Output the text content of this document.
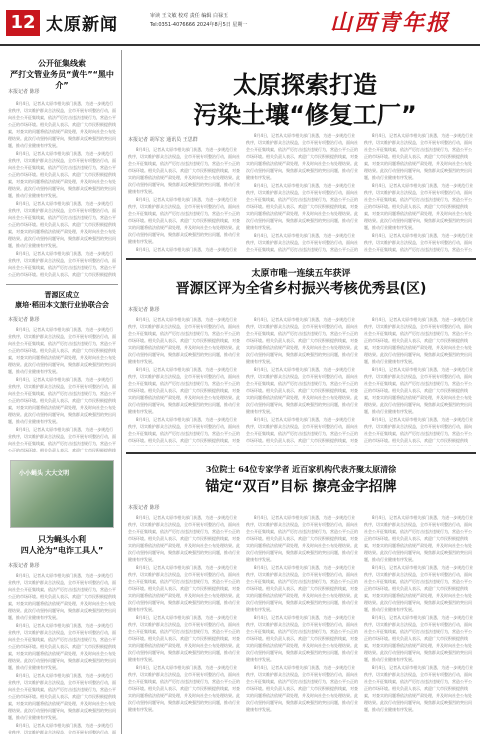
12 太原新闻	审读 王文敏 校对 责任 编辑 白禄玉
Tel:0351-4076666 2024年8月5日 星期一	山西青年报
公开征集线索
严打文管业务员“黄牛”“黑中介”
本报记者 陈彤

8月4日，记者从太原市相关部门获悉，为进一步规范行业秩序，切实维护群众合法权益，全市开展专项整治行动，面向社会公开征集线索，依法严厉打击违法违规行为，营造公平公正的市场环境。相关负责人表示，欢迎广大市民积极提供线索，对查实的问题将依法依规严肃处理，并及时向社会公布处理结果。此次行动坚持问题导向，聚焦群众反映强烈的突出问题，推动行业健康有序发展。

8月4日，记者从太原市相关部门获悉，为进一步规范行业秩序，切实维护群众合法权益，全市开展专项整治行动，面向社会公开征集线索，依法严厉打击违法违规行为，营造公平公正的市场环境。相关负责人表示，欢迎广大市民积极提供线索，对查实的问题将依法依规严肃处理，并及时向社会公布处理结果。此次行动坚持问题导向，聚焦群众反映强烈的突出问题，推动行业健康有序发展。

8月4日，记者从太原市相关部门获悉，为进一步规范行业秩序，切实维护群众合法权益，全市开展专项整治行动，面向社会公开征集线索，依法严厉打击违法违规行为，营造公平公正的市场环境。相关负责人表示，欢迎广大市民积极提供线索，对查实的问题将依法依规严肃处理，并及时向社会公布处理结果。此次行动坚持问题导向，聚焦群众反映强烈的突出问题，推动行业健康有序发展。

8月4日，记者从太原市相关部门获悉，为进一步规范行业秩序，切实维护群众合法权益，全市开展专项整治行动，面向社会公开征集线索，依法严厉打击违法违规行为，营造公平公正的市场环境。相关负责人表示，欢迎广大市民积极提供线

晋源区成立
康培·稻田本文旅行业协联合会
本报记者 陈彤

8月4日，记者从太原市相关部门获悉，为进一步规范行业秩序，切实维护群众合法权益，全市开展专项整治行动，面向社会公开征集线索，依法严厉打击违法违规行为，营造公平公正的市场环境。相关负责人表示，欢迎广大市民积极提供线索，对查实的问题将依法依规严肃处理，并及时向社会公布处理结果。此次行动坚持问题导向，聚焦群众反映强烈的突出问题，推动行业健康有序发展。

8月4日，记者从太原市相关部门获悉，为进一步规范行业秩序，切实维护群众合法权益，全市开展专项整治行动，面向社会公开征集线索，依法严厉打击违法违规行为，营造公平公正的市场环境。相关负责人表示，欢迎广大市民积极提供线索，对查实的问题将依法依规严肃处理，并及时向社会公布处理结果。此次行动坚持问题导向，聚焦群众反映强烈的突出问题，推动行业健康有序发展。

8月4日，记者从太原市相关部门获悉，为进一步规范行业秩序，切实维护群众合法权益，全市开展专项整治行动，面向社会公开征集线索，依法严厉打击违法违规行为，营造公平公正的市场环境。相关负责人表示，欢迎广大市民积极提供线

小小蝇头 大大文明
只为蝇头小利
四人沦为“电诈工具人”
本报记者 陈彤

8月4日，记者从太原市相关部门获悉，为进一步规范行业秩序，切实维护群众合法权益，全市开展专项整治行动，面向社会公开征集线索，依法严厉打击违法违规行为，营造公平公正的市场环境。相关负责人表示，欢迎广大市民积极提供线索，对查实的问题将依法依规严肃处理，并及时向社会公布处理结果。此次行动坚持问题导向，聚焦群众反映强烈的突出问题，推动行业健康有序发展。

8月4日，记者从太原市相关部门获悉，为进一步规范行业秩序，切实维护群众合法权益，全市开展专项整治行动，面向社会公开征集线索，依法严厉打击违法违规行为，营造公平公正的市场环境。相关负责人表示，欢迎广大市民积极提供线索，对查实的问题将依法依规严肃处理，并及时向社会公布处理结果。此次行动坚持问题导向，聚焦群众反映强烈的突出问题，推动行业健康有序发展。

8月4日，记者从太原市相关部门获悉，为进一步规范行业秩序，切实维护群众合法权益，全市开展专项整治行动，面向社会公开征集线索，依法严厉打击违法违规行为，营造公平公正的市场环境。相关负责人表示，欢迎广大市民积极提供线索，对查实的问题将依法依规严肃处理，并及时向社会公布处理结果。此次行动坚持问题导向，聚焦群众反映强烈的突出问题，推动行业健康有序发展。

8月4日，记者从太原市相关部门获悉，为进一步规范行业秩序，切实维护群众合法权益，全市开展专项整治行动，面

太原探索打造
污染土壤“修复工厂”
本报记者 胡军宏 通讯员 王思群

8月4日，记者从太原市相关部门获悉，为进一步规范行业秩序，切实维护群众合法权益，全市开展专项整治行动，面向社会公开征集线索，依法严厉打击违法违规行为，营造公平公正的市场环境。相关负责人表示，欢迎广大市民积极提供线索，对查实的问题将依法依规严肃处理，并及时向社会公布处理结果。此次行动坚持问题导向，聚焦群众反映强烈的突出问题，推动行业健康有序发展。

8月4日，记者从太原市相关部门获悉，为进一步规范行业秩序，切实维护群众合法权益，全市开展专项整治行动，面向社会公开征集线索，依法严厉打击违法违规行为，营造公平公正的市场环境。相关负责人表示，欢迎广大市民积极提供线索，对查实的问题将依法依规严肃处理，并及时向社会公布处理结果。此次行动坚持问题导向，聚焦群众反映强烈的突出问题，推动行业健康有序发展。

8月4日，记者从太原市相关部门获悉，为进一步规范行业

8月4日，记者从太原市相关部门获悉，为进一步规范行业秩序，切实维护群众合法权益，全市开展专项整治行动，面向社会公开征集线索，依法严厉打击违法违规行为，营造公平公正的市场环境。相关负责人表示，欢迎广大市民积极提供线索，对查实的问题将依法依规严肃处理，并及时向社会公布处理结果。此次行动坚持问题导向，聚焦群众反映强烈的突出问题，推动行业健康有序发展。

8月4日，记者从太原市相关部门获悉，为进一步规范行业秩序，切实维护群众合法权益，全市开展专项整治行动，面向社会公开征集线索，依法严厉打击违法违规行为，营造公平公正的市场环境。相关负责人表示，欢迎广大市民积极提供线索，对查实的问题将依法依规严肃处理，并及时向社会公布处理结果。此次行动坚持问题导向，聚焦群众反映强烈的突出问题，推动行业健康有序发展。

8月4日，记者从太原市相关部门获悉，为进一步规范行业秩序，切实维护群众合法权益，全市开展专项整治行动，面向社会公开征集线索，依法严厉打击违法违规行为，营造公平公正的

8月4日，记者从太原市相关部门获悉，为进一步规范行业秩序，切实维护群众合法权益，全市开展专项整治行动，面向社会公开征集线索，依法严厉打击违法违规行为，营造公平公正的市场环境。相关负责人表示，欢迎广大市民积极提供线索，对查实的问题将依法依规严肃处理，并及时向社会公布处理结果。此次行动坚持问题导向，聚焦群众反映强烈的突出问题，推动行业健康有序发展。

8月4日，记者从太原市相关部门获悉，为进一步规范行业秩序，切实维护群众合法权益，全市开展专项整治行动，面向社会公开征集线索，依法严厉打击违法违规行为，营造公平公正的市场环境。相关负责人表示，欢迎广大市民积极提供线索，对查实的问题将依法依规严肃处理，并及时向社会公布处理结果。此次行动坚持问题导向，聚焦群众反映强烈的突出问题，推动行业健康有序发展。

8月4日，记者从太原市相关部门获悉，为进一步规范行业秩序，切实维护群众合法权益，全市开展专项整治行动，面向社会公开征集线索，依法严厉打击违法违规行为，营造公平公

太原市唯一连续五年获评
晋源区评为全省乡村振兴考核优秀县(区)
本报记者 陈彤

8月4日，记者从太原市相关部门获悉，为进一步规范行业秩序，切实维护群众合法权益，全市开展专项整治行动，面向社会公开征集线索，依法严厉打击违法违规行为，营造公平公正的市场环境。相关负责人表示，欢迎广大市民积极提供线索，对查实的问题将依法依规严肃处理，并及时向社会公布处理结果。此次行动坚持问题导向，聚焦群众反映强烈的突出问题，推动行业健康有序发展。

8月4日，记者从太原市相关部门获悉，为进一步规范行业秩序，切实维护群众合法权益，全市开展专项整治行动，面向社会公开征集线索，依法严厉打击违法违规行为，营造公平公正的市场环境。相关负责人表示，欢迎广大市民积极提供线索，对查实的问题将依法依规严肃处理，并及时向社会公布处理结果。此次行动坚持问题导向，聚焦群众反映强烈的突出问题，推动行业健康有序发展。

8月4日，记者从太原市相关部门获悉，为进一步规范行业秩序，切实维护群众合法权益，全市开展专项整治行动，面向社会公开征集线索，依法严厉打击违法违规行为，营造公平公正的市场环境。相关负责人表示，欢迎广大市民积极提供线索，对查

8月4日，记者从太原市相关部门获悉，为进一步规范行业秩序，切实维护群众合法权益，全市开展专项整治行动，面向社会公开征集线索，依法严厉打击违法违规行为，营造公平公正的市场环境。相关负责人表示，欢迎广大市民积极提供线索，对查实的问题将依法依规严肃处理，并及时向社会公布处理结果。此次行动坚持问题导向，聚焦群众反映强烈的突出问题，推动行业健康有序发展。

8月4日，记者从太原市相关部门获悉，为进一步规范行业秩序，切实维护群众合法权益，全市开展专项整治行动，面向社会公开征集线索，依法严厉打击违法违规行为，营造公平公正的市场环境。相关负责人表示，欢迎广大市民积极提供线索，对查实的问题将依法依规严肃处理，并及时向社会公布处理结果。此次行动坚持问题导向，聚焦群众反映强烈的突出问题，推动行业健康有序发展。

8月4日，记者从太原市相关部门获悉，为进一步规范行业秩序，切实维护群众合法权益，全市开展专项整治行动，面向社会公开征集线索，依法严厉打击违法违规行为，营造公平公正的市场环境。相关负责人表示，欢迎广大市民积极提供线索，对查

8月4日，记者从太原市相关部门获悉，为进一步规范行业秩序，切实维护群众合法权益，全市开展专项整治行动，面向社会公开征集线索，依法严厉打击违法违规行为，营造公平公正的市场环境。相关负责人表示，欢迎广大市民积极提供线索，对查实的问题将依法依规严肃处理，并及时向社会公布处理结果。此次行动坚持问题导向，聚焦群众反映强烈的突出问题，推动行业健康有序发展。

8月4日，记者从太原市相关部门获悉，为进一步规范行业秩序，切实维护群众合法权益，全市开展专项整治行动，面向社会公开征集线索，依法严厉打击违法违规行为，营造公平公正的市场环境。相关负责人表示，欢迎广大市民积极提供线索，对查实的问题将依法依规严肃处理，并及时向社会公布处理结果。此次行动坚持问题导向，聚焦群众反映强烈的突出问题，推动行业健康有序发展。

8月4日，记者从太原市相关部门获悉，为进一步规范行业秩序，切实维护群众合法权益，全市开展专项整治行动，面向社会公开征集线索，依法严厉打击违法违规行为，营造公平公正的市场环境。相关负责人表示，欢迎广大市民积极提供线

3位院士 64位专家学者 近百家机构代表齐聚太原清徐
锚定“双百”目标 擦亮金字招牌
本报记者 陈彤

8月4日，记者从太原市相关部门获悉，为进一步规范行业秩序，切实维护群众合法权益，全市开展专项整治行动，面向社会公开征集线索，依法严厉打击违法违规行为，营造公平公正的市场环境。相关负责人表示，欢迎广大市民积极提供线索，对查实的问题将依法依规严肃处理，并及时向社会公布处理结果。此次行动坚持问题导向，聚焦群众反映强烈的突出问题，推动行业健康有序发展。

8月4日，记者从太原市相关部门获悉，为进一步规范行业秩序，切实维护群众合法权益，全市开展专项整治行动，面向社会公开征集线索，依法严厉打击违法违规行为，营造公平公正的市场环境。相关负责人表示，欢迎广大市民积极提供线索，对查实的问题将依法依规严肃处理，并及时向社会公布处理结果。此次行动坚持问题导向，聚焦群众反映强烈的突出问题，推动行业健康有序发展。

8月4日，记者从太原市相关部门获悉，为进一步规范行业秩序，切实维护群众合法权益，全市开展专项整治行动，面向社会公开征集线索，依法严厉打击违法违规行为，营造公平公正的市场环境。相关负责人表示，欢迎广大市民积极提供线索，对查实的问题将依法依规严肃处理，并及时向社会公布处理结果。此次行动坚持问题导向，聚焦群众反映强烈的突出问题，推动行业健康有序发展。

8月4日，记者从太原市相关部门获悉，为进一步规范行业秩序，切实维护群众合法权益，全市开展专项整治行动，面向社会公开征集线索，依法严厉打击违法违规行为，营造公平公正的市场环境。相关负责人表示，欢迎广大市民积极提供线索，对查实的问题将依法依规严肃处理，并及时向社会公布处理结果。此次行动坚持问题导向，聚焦群众反映强烈的突出问题，推动行业健康有序发展。

8月4日，记者从太原市相关部门获悉，为进一步规范行业秩序，切实维护群众合法权益，全市开展专项整治行动，面向社会公开征集线索，依法严厉打击违法违规行为，营造公平公正的市场环境。相关负责人表示，欢迎广大市民积极提供线索，对查实的问题将依法依规严肃处理，并及时向社会公布处理结果。此次行动坚持问题导向，聚焦群众反映强烈的突出问题，推动行业健康有序发展。

8月4日，记者从太原市相关部门获悉，为进一步规范行业秩序，切实维护群众合法权益，全市开展专项整治行动，面向社会公开征集线索，依法严厉打击违法违规行为，营造公平公正的市场环境。相关负责人表示，欢迎广大市民积极提供线索，对查实的问题将依法依规严肃处理，并及时向社会公布处理结果。此次行动坚持问题导向，聚焦群众反映强烈的突出问题，推动行业健康有序发展。

8月4日，记者从太原市相关部门获悉，为进一步规范行业秩序，切实维护群众合法权益，全市开展专项整治行动，面向社会公开征集线索，依法严厉打击违法违规行为，营造公平公正的市场环境。相关负责人表示，欢迎广大市民积极提供线索，对查实的问题将依法依规严肃处理，并及时向社会公布处理结果。此次行动坚持问题导向，聚焦群众反映强烈的突出问题，推动行业健康有序发展。

8月4日，记者从太原市相关部门获悉，为进一步规范行业秩序，切实维护群众合法权益，全市开展专项整治行动，面向社会公开征集线索，依法严厉打击违法违规行为，营造公平公正的市场环境。相关负责人表示，欢迎广大市民积极提供线索，对查实的问题将依法依规严肃处理，并及时向社会公布处理结果。此次行动坚持问题导向，聚焦群众反映强烈的突出问题，推动行业健康有序发展。

8月4日，记者从太原市相关部门获悉，为进一步规范行业秩序，切实维护群众合法权益，全市开展专项整治行动，面向社会公开征集线索，依法严厉打击违法违规行为，营造公平公正的市场环境。相关负责人表示，欢迎广大市民积极提供线索，对查实的问题将依法依规严肃处理，并及时向社会公布处理结果。此次行动坚持问题导向，聚焦群众反映强烈的突出问题，推动行业健康有序发展。

8月4日，记者从太原市相关部门获悉，为进一步规范行业秩序，切实维护群众合法权益，全市开展专项整治行动，面向社会公开征集线索，依法严厉打击违法违规行为，营造公平公正的市场环境。相关负责人表示，欢迎广大市民积极提供线索，对查实的问题将依法依规严肃处理，并及时向社会公布处理结果。此次行动坚持问题导向，聚焦群众反映强烈的突出问题，推动行业健康有序发展。

8月4日，记者从太原市相关部门获悉，为进一步规范行业秩序，切实维护群众合法权益，全市开展专项整治行动，面向社会公开征集线索，依法严厉打击违法违规行为，营造公平公正的市场环境。相关负责人表示，欢迎广大市民积极提供线索，对查实的问题将依法依规严肃处理，并及时向社会公布处理结果。此次行动坚持问题导向，聚焦群众反映强烈的突出问题，推动行业健康有序发展。

8月4日，记者从太原市相关部门获悉，为进一步规范行业秩序，切实维护群众合法权益，全市开展专项整治行动，面向社会公开征集线索，依法严厉打击违法违规行为，营造公平公正的市场环境。相关负责人表示，欢迎广大市民积极提供线索，对查实的问题将依法依规严肃处理，并及时向社会公布处理结果。此次行动坚持问题导向，聚焦群众反映强烈的突出问题，推动行业健康有序发展。
